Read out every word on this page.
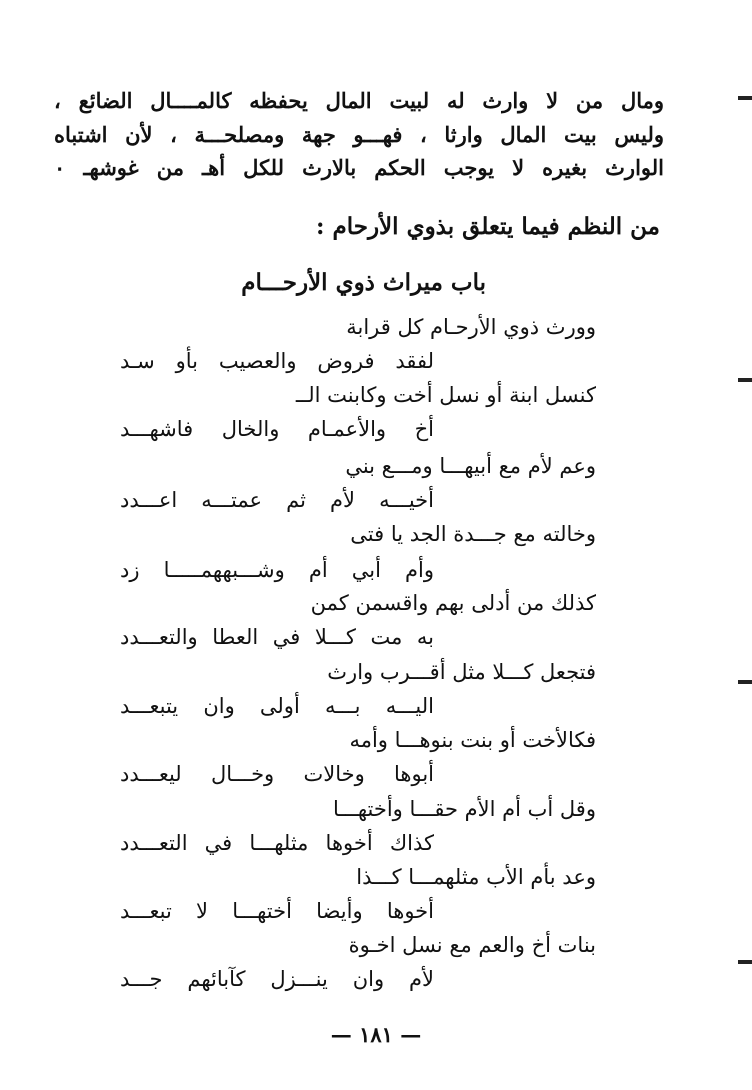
ومال من لا وارث له لبيت المال يحفظه كالمــــال الضائع ،
وليس بيت المال وارثا ، فهـــو جهة ومصلحـــة ، لأن اشتباه
الوارث بغيره لا يوجب الحكم بالارث للكل أهـ من غوشهـ ٠
من النظم فيما يتعلق بذوي الأرحام :
باب ميراث ذوي الأرحـــام
وورث ذوي الأرحـام كل قرابة
لفقد فروض والعصيب بأو سـد
كنسل ابنة أو نسل أخت وكابنت الــ
أخ والأعمـام والخال فاشهـــد
وعم لأم مع أبيهـــا ومـــع بني
أخيـــه لأم ثم عمتـــه اعـــدد
وخالته مع جـــدة الجد يا فتى
وأم أبي أم وشـــبههمـــــا زد
كذلك من أدلى بهم واقسمن كمن
به مت كـــلا في العطا والتعـــدد
فتجعل كـــلا مثل أقـــرب وارث
اليـــه بـــه أولى وان يتبعـــد
فكالأخت أو بنت بنوهـــا وأمه
أبوها وخالات وخـــال ليعـــدد
وقل أب أم الأم حقـــا وأختهـــا
كذاك أخوها مثلهـــا في التعـــدد
وعد بأم الأب مثلهمـــا كـــذا
أخوها وأيضا أختهـــا لا تبعـــد
بنات أخ والعم مع نسل اخـوة
لأم وان ينـــزل كآبائهم جـــد
— ١٨١ —
